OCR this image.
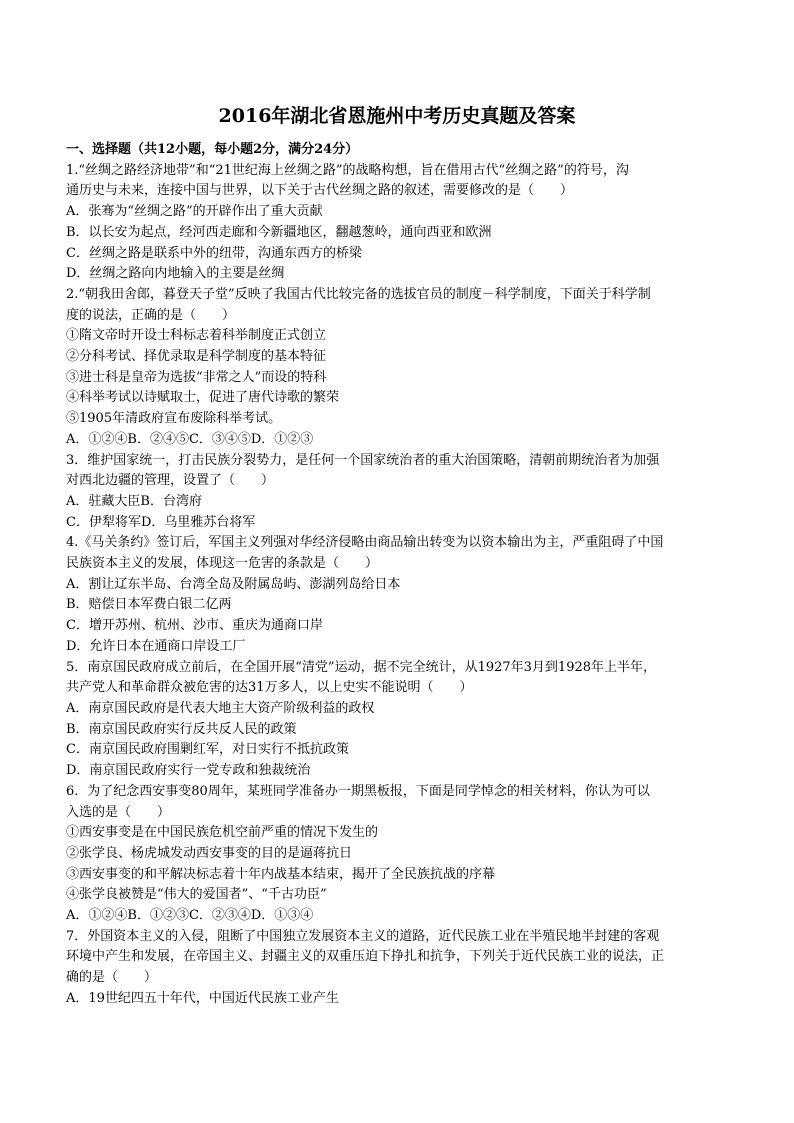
2016年湖北省恩施州中考历史真题及答案
一、选择题（共12小题，每小题2分，满分24分）
1.“丝绸之路经济地带”和“21世纪海上丝绸之路”的战略构想，旨在借用古代“丝绸之路”的符号，沟
通历史与未来，连接中国与世界，以下关于古代丝绸之路的叙述，需要修改的是（　　）
A．张骞为“丝绸之路”的开辟作出了重大贡献
B．以长安为起点，经河西走廊和今新疆地区，翻越葱岭，通向西亚和欧洲
C．丝绸之路是联系中外的纽带，沟通东西方的桥梁
D．丝绸之路向内地输入的主要是丝绸
2.“朝我田舍郎，暮登天子堂”反映了我国古代比较完备的选拔官员的制度－科学制度，下面关于科学制
度的说法，正确的是（　　）
①隋文帝时开设士科标志着科举制度正式创立
②分科考试、择优录取是科学制度的基本特征
③进士科是皇帝为选拔“非常之人”而设的特科
④科举考试以诗赋取士，促进了唐代诗歌的繁荣
⑤1905年清政府宣布废除科举考试。
A．①②④B．②④⑤C．③④⑤D．①②③
3．维护国家统一，打击民族分裂势力，是任何一个国家统治者的重大治国策略，清朝前期统治者为加强
对西北边疆的管理，设置了（　　）
A．驻藏大臣B．台湾府
C．伊犁将军D．乌里雅苏台将军
4.《马关条约》签订后，军国主义列强对华经济侵略由商品输出转变为以资本输出为主，严重阻碍了中国
民族资本主义的发展，体现这一危害的条款是（　　）
A．割让辽东半岛、台湾全岛及附属岛屿、澎湖列岛给日本
B．赔偿日本军费白银二亿两
C．增开苏州、杭州、沙市、重庆为通商口岸
D．允许日本在通商口岸设工厂
5．南京国民政府成立前后，在全国开展“清党”运动，据不完全统计，从1927年3月到1928年上半年，
共产党人和革命群众被危害的达31万多人，以上史实不能说明（　　）
A．南京国民政府是代表大地主大资产阶级利益的政权
B．南京国民政府实行反共反人民的政策
C．南京国民政府围剿红军，对日实行不抵抗政策
D．南京国民政府实行一党专政和独裁统治
6．为了纪念西安事变80周年，某班同学准备办一期黑板报，下面是同学悼念的相关材料，你认为可以
入选的是（　　）
①西安事变是在中国民族危机空前严重的情况下发生的
②张学良、杨虎城发动西安事变的目的是逼蒋抗日
③西安事变的和平解决标志着十年内战基本结束，揭开了全民族抗战的序幕
④张学良被赞是“伟大的爱国者”、“千古功臣”
A．①②④B．①②③C．②③④D．①③④
7．外国资本主义的入侵，阻断了中国独立发展资本主义的道路，近代民族工业在半殖民地半封建的客观
环境中产生和发展，在帝国主义、封疆主义的双重压迫下挣扎和抗争，下列关于近代民族工业的说法，正
确的是（　　）
A．19世纪四五十年代，中国近代民族工业产生
